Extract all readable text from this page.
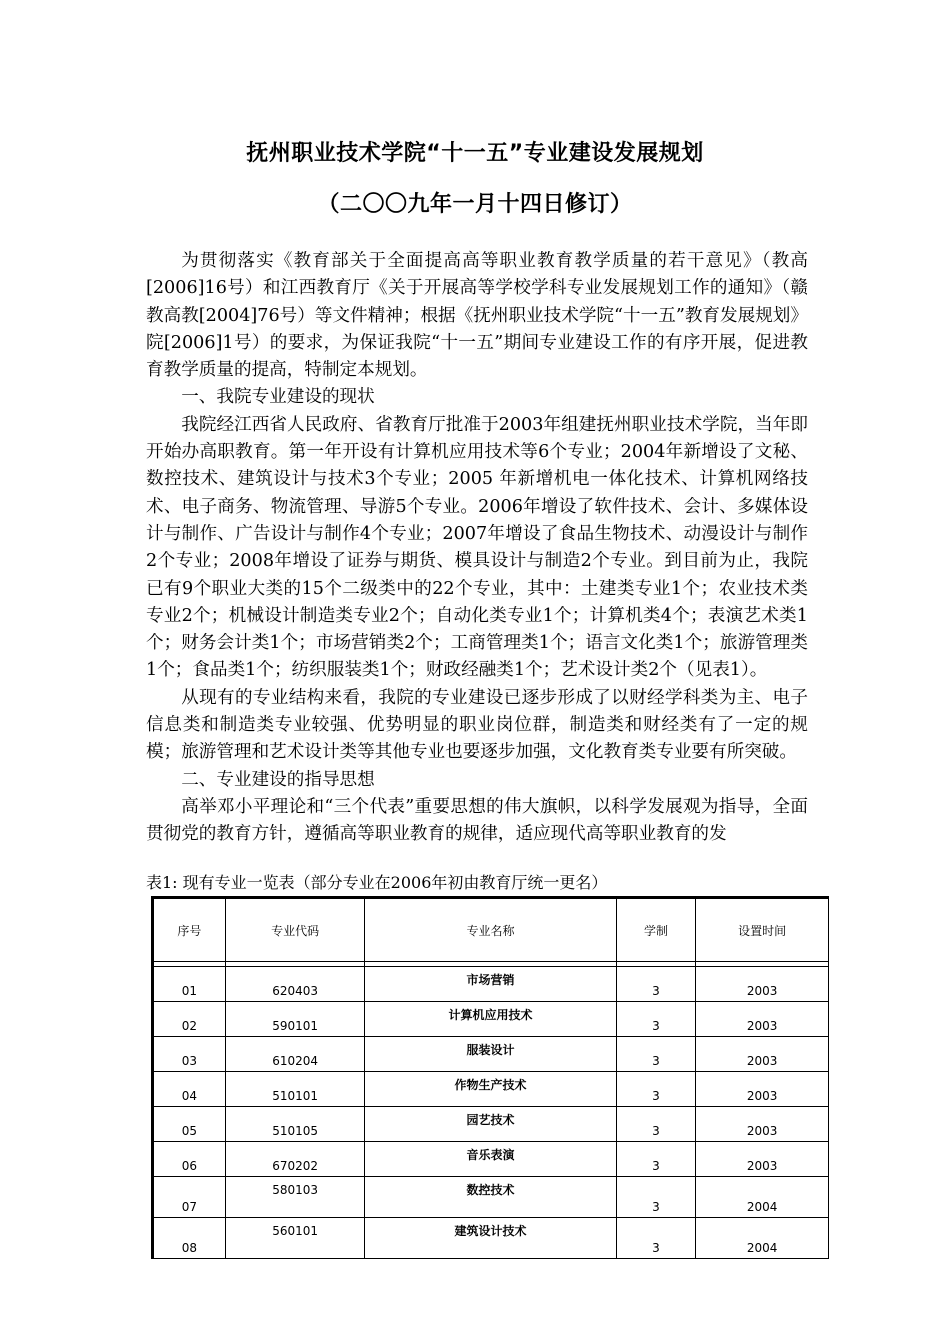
抚州职业技术学院“十一五”专业建设发展规划
（二〇〇九年一月十四日修订）

为贯彻落实《教育部关于全面提高高等职业教育教学质量的若干意见》（教高[2006]16号）和江西教育厅《关于开展高等学校学科专业发展规划工作的通知》（赣教高教[2004]76号）等文件精神；根据《抚州职业技术学院“十一五”教育发展规划》院[2006]1号）的要求，为保证我院“十一五”期间专业建设工作的有序开展，促进教育教学质量的提高，特制定本规划。

一、我院专业建设的现状

我院经江西省人民政府、省教育厅批准于2003年组建抚州职业技术学院，当年即开始办高职教育。第一年开设有计算机应用技术等6个专业；2004年新增设了文秘、数控技术、建筑设计与技术3个专业；2005 年新增机电一体化技术、计算机网络技术、电子商务、物流管理、导游5个专业。2006年增设了软件技术、会计、多媒体设计与制作、广告设计与制作4个专业；2007年增设了食品生物技术、动漫设计与制作2个专业；2008年增设了证券与期货、模具设计与制造2个专业。到目前为止，我院已有9个职业大类的15个二级类中的22个专业，其中：土建类专业1个；农业技术类专业2个；机械设计制造类专业2个；自动化类专业1个；计算机类4个；表演艺术类1个；财务会计类1个；市场营销类2个；工商管理类1个；语言文化类1个；旅游管理类1个；食品类1个；纺织服装类1个；财政经融类1个；艺术设计类2个（见表1）。

从现有的专业结构来看，我院的专业建设已逐步形成了以财经学科类为主、电子信息类和制造类专业较强、优势明显的职业岗位群，制造类和财经类有了一定的规模；旅游管理和艺术设计类等其他专业也要逐步加强，文化教育类专业要有所突破。

二、专业建设的指导思想

高举邓小平理论和“三个代表”重要思想的伟大旗帜，以科学发展观为指导，全面贯彻党的教育方针，遵循高等职业教育的规律，适应现代高等职业教育的发

表1: 现有专业一览表（部分专业在2006年初由教育厅统一更名）
序号	专业代码	专业名称	学制	设置时间

01	620403	市场营销	3	2003
02	590101	计算机应用技术	3	2003
03	610204	服装设计	3	2003
04	510101	作物生产技术	3	2003
05	510105	园艺技术	3	2003
06	670202	音乐表演	3	2003
07	580103	数控技术	3	2004
08	560101	建筑设计技术	3	2004
